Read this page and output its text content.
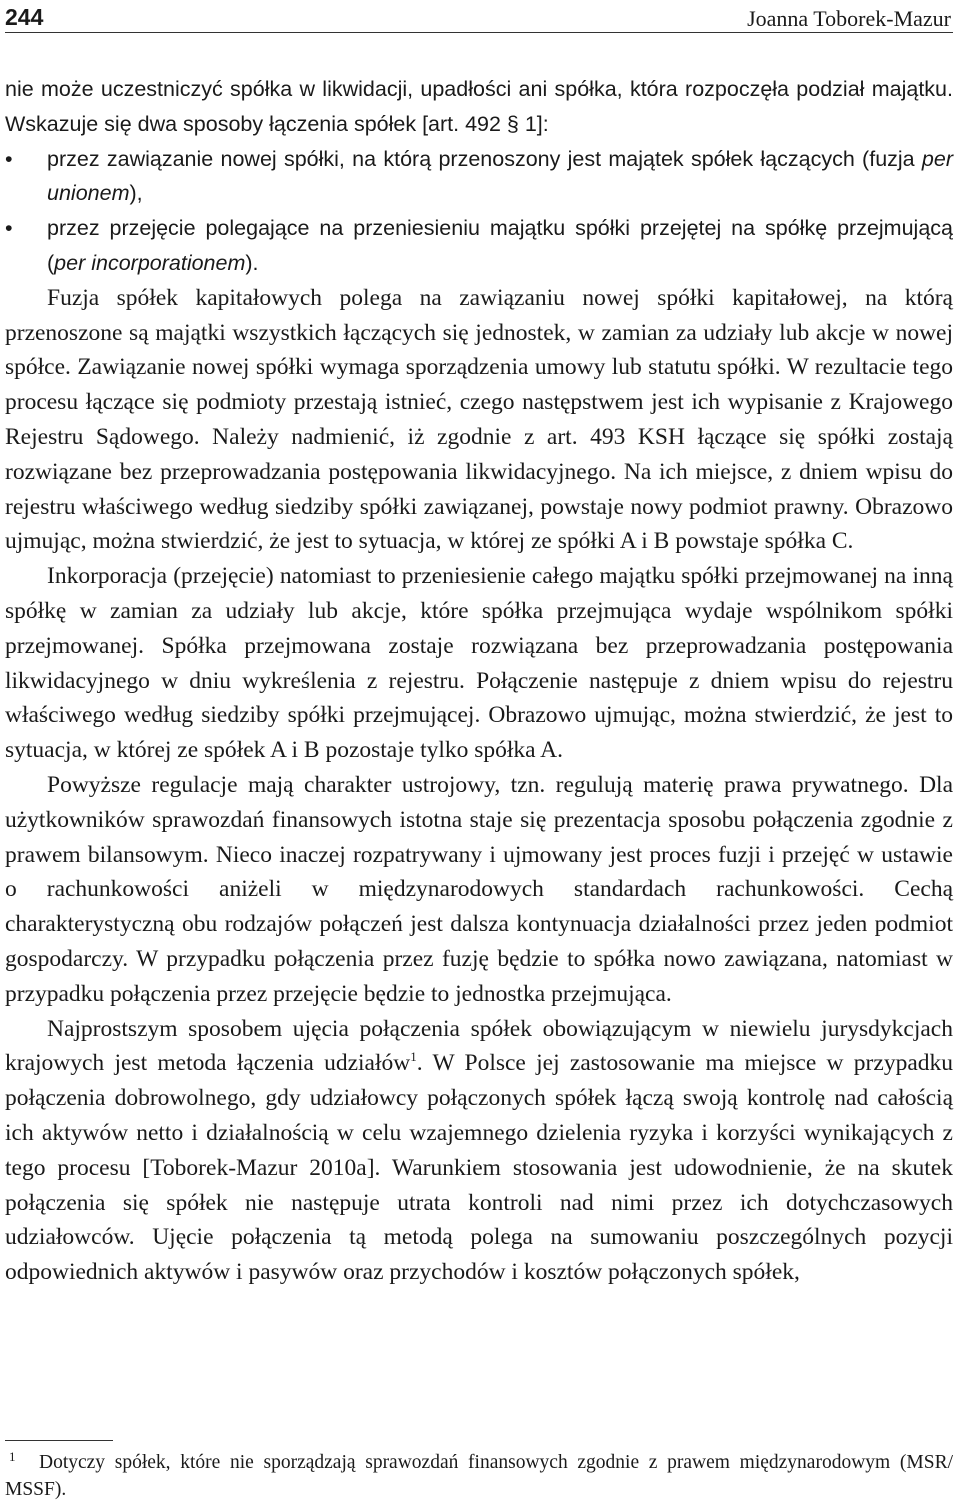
244	Joanna Toborek-Mazur

nie może uczestniczyć spółka w likwidacji, upadłości ani spółka, która rozpoczęła podział majątku. Wskazuje się dwa sposoby łączenia spółek [art. 492 § 1]:

• przez zawiązanie nowej spółki, na którą przenoszony jest majątek spółek łączących (fuzja per unionem),
• przez przejęcie polegające na przeniesieniu majątku spółki przejętej na spółkę przejmującą (per incorporationem).

Fuzja spółek kapitałowych polega na zawiązaniu nowej spółki kapitałowej, na którą przenoszone są majątki wszystkich łączących się jednostek, w zamian za udziały lub akcje w nowej spółce. Zawiązanie nowej spółki wymaga sporządzenia umowy lub statutu spółki. W rezultacie tego procesu łączące się podmioty przestają istnieć, czego następstwem jest ich wypisanie z Krajowego Rejestru Sądowego. Należy nadmienić, iż zgodnie z art. 493 KSH łączące się spółki zostają rozwiązane bez przeprowadzania postępowania likwidacyjnego. Na ich miejsce, z dniem wpisu do rejestru właściwego według siedziby spółki zawiązanej, powstaje nowy podmiot prawny. Obrazowo ujmując, można stwierdzić, że jest to sytuacja, w której ze spółki A i B powstaje spółka C.

Inkorporacja (przejęcie) natomiast to przeniesienie całego majątku spółki przejmowanej na inną spółkę w zamian za udziały lub akcje, które spółka przejmująca wydaje wspólnikom spółki przejmowanej. Spółka przejmowana zostaje rozwiązana bez przeprowadzania postępowania likwidacyjnego w dniu wykreślenia z rejestru. Połączenie następuje z dniem wpisu do rejestru właściwego według siedziby spółki przejmującej. Obrazowo ujmując, można stwierdzić, że jest to sytuacja, w której ze spółek A i B pozostaje tylko spółka A.

Powyższe regulacje mają charakter ustrojowy, tzn. regulują materię prawa prywatnego. Dla użytkowników sprawozdań finansowych istotna staje się prezentacja sposobu połączenia zgodnie z prawem bilansowym. Nieco inaczej rozpatrywany i ujmowany jest proces fuzji i przejęć w ustawie o rachunkowości aniżeli w międzynarodowych standardach rachunkowości. Cechą charakterystyczną obu rodzajów połączeń jest dalsza kontynuacja działalności przez jeden podmiot gospodarczy. W przypadku połączenia przez fuzję będzie to spółka nowo zawiązana, natomiast w przypadku połączenia przez przejęcie będzie to jednostka przejmująca.

Najprostszym sposobem ujęcia połączenia spółek obowiązującym w niewielu jurysdykcjach krajowych jest metoda łączenia udziałów$^1$. W Polsce jej zastosowanie ma miejsce w przypadku połączenia dobrowolnego, gdy udziałowcy połączonych spółek łączą swoją kontrolę nad całością ich aktywów netto i działalnością w celu wzajemnego dzielenia ryzyka i korzyści wynikających z tego procesu [Toborek-Mazur 2010a]. Warunkiem stosowania jest udowodnienie, że na skutek połączenia się spółek nie następuje utrata kontroli nad nimi przez ich dotychczasowych udziałowców. Ujęcie połączenia tą metodą polega na sumowaniu poszczególnych pozycji odpowiednich aktywów i pasywów oraz przychodów i kosztów połączonych spółek,

1 Dotyczy spółek, które nie sporządzają sprawozdań finansowych zgodnie z prawem międzynarodowym (MSR/ MSSF).
